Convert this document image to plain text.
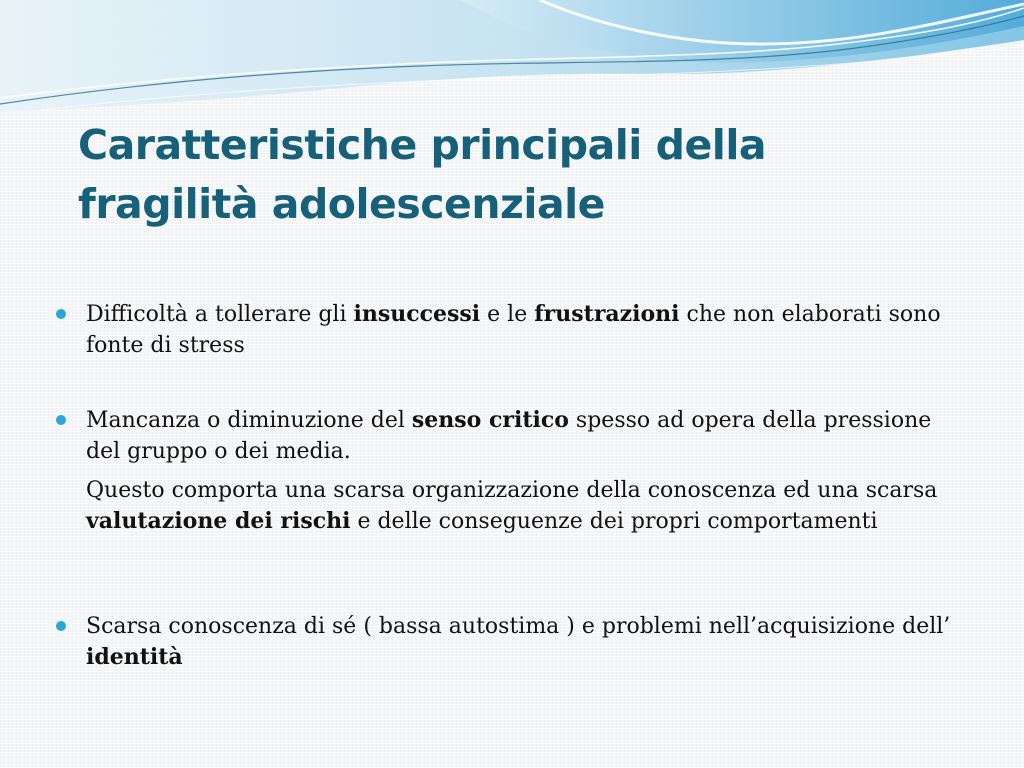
Caratteristiche principali della
fragilità adolescenziale
Difficoltà a tollerare gli insuccessi e le frustrazioni che non elaborati sono fonte di stress
Mancanza o diminuzione del senso critico spesso ad opera della pressione del gruppo o dei media.
Questo comporta una scarsa organizzazione della conoscenza ed una scarsa valutazione dei rischi e delle conseguenze dei propri comportamenti
Scarsa conoscenza di sé ( bassa autostima ) e problemi nell’acquisizione dell’ identità
